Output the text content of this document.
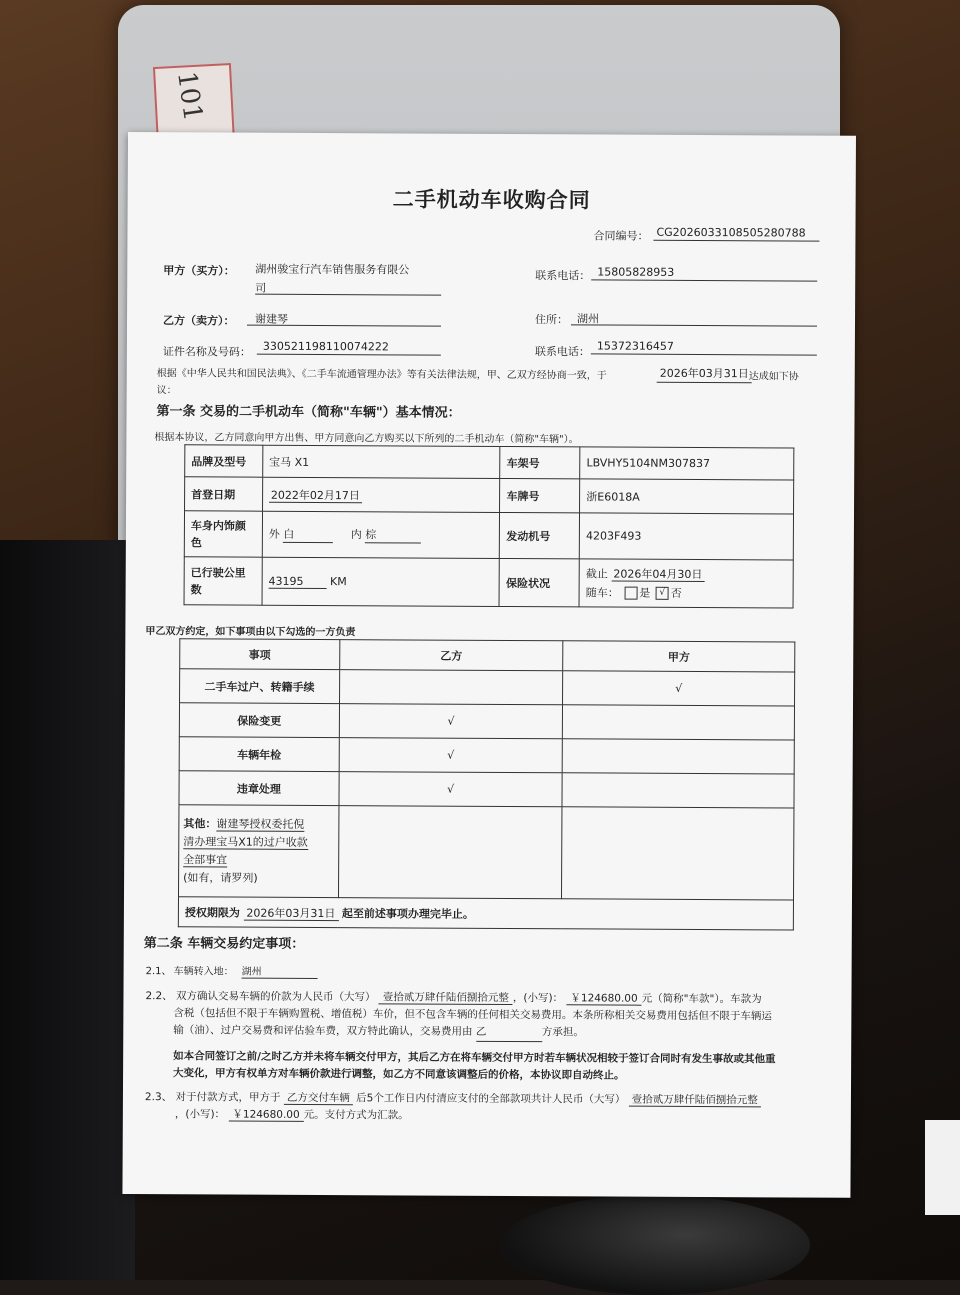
101
二手机动车收购合同
合同编号： CG2026033108505280788
甲方（买方）： 湖州骏宝行汽车销售服务有限公
司
联系电话： 15805828953
乙方（卖方）： 谢建琴	住所： 湖州
证件名称及号码： 330521198110074222	联系电话： 15372316457
根据《中华人民共和国民法典》、《二手车流通管理办法》等有关法律法规，甲、乙双方经协商一致，于	2026年03月31日 达成如下协
议：
第一条 交易的二手机动车（简称"车辆"）基本情况：
根据本协议，乙方同意向甲方出售、甲方同意向乙方购买以下所列的二手机动车（简称"车辆"）。
品牌及型号	宝马 X1	车架号	LBVHY5104NM307837
首登日期	2022年02月17日	车牌号	浙E6018A
车身内饰颜
色	外 白 内 棕	发动机号	4203F493
已行驶公里
数	43195 KM	保险状况	截止 2026年04月30日
随车： 是 √ 否
甲乙双方约定，如下事项由以下勾选的一方负责
事项	乙方	甲方
二手车过户、转籍手续		√
保险变更	√	
车辆年检	√	
违章处理	√	
其他：谢建琴授权委托倪
清办理宝马X1的过户收款
全部事宜
(如有，请罗列)		
授权期限为 2026年03月31日 起至前述事项办理完毕止。		
第二条 车辆交易约定事项：
2.1、 车辆转入地： 湖州
2.2、 双方确认交易车辆的价款为人民币（大写） 壹拾贰万肆仟陆佰捌拾元整 ，(小写)： ￥124680.00 元（简称"车款"）。车款为
含税（包括但不限于车辆购置税、增值税）车价，但不包含车辆的任何相关交易费用。本条所称相关交易费用包括但不限于车辆运
输（油）、过户交易费和评估验车费，双方特此确认，交易费用由 乙	方承担。
如本合同签订之前/之时乙方并未将车辆交付甲方，其后乙方在将车辆交付甲方时若车辆状况相较于签订合同时有发生事故或其他重
大变化，甲方有权单方对车辆价款进行调整，如乙方不同意该调整后的价格，本协议即自动终止。
2.3、 对于付款方式，甲方于 乙方交付车辆 后5个工作日内付清应支付的全部款项共计人民币（大写） 壹拾贰万肆仟陆佰捌拾元整
，(小写)： ￥124680.00 元。支付方式为汇款。
